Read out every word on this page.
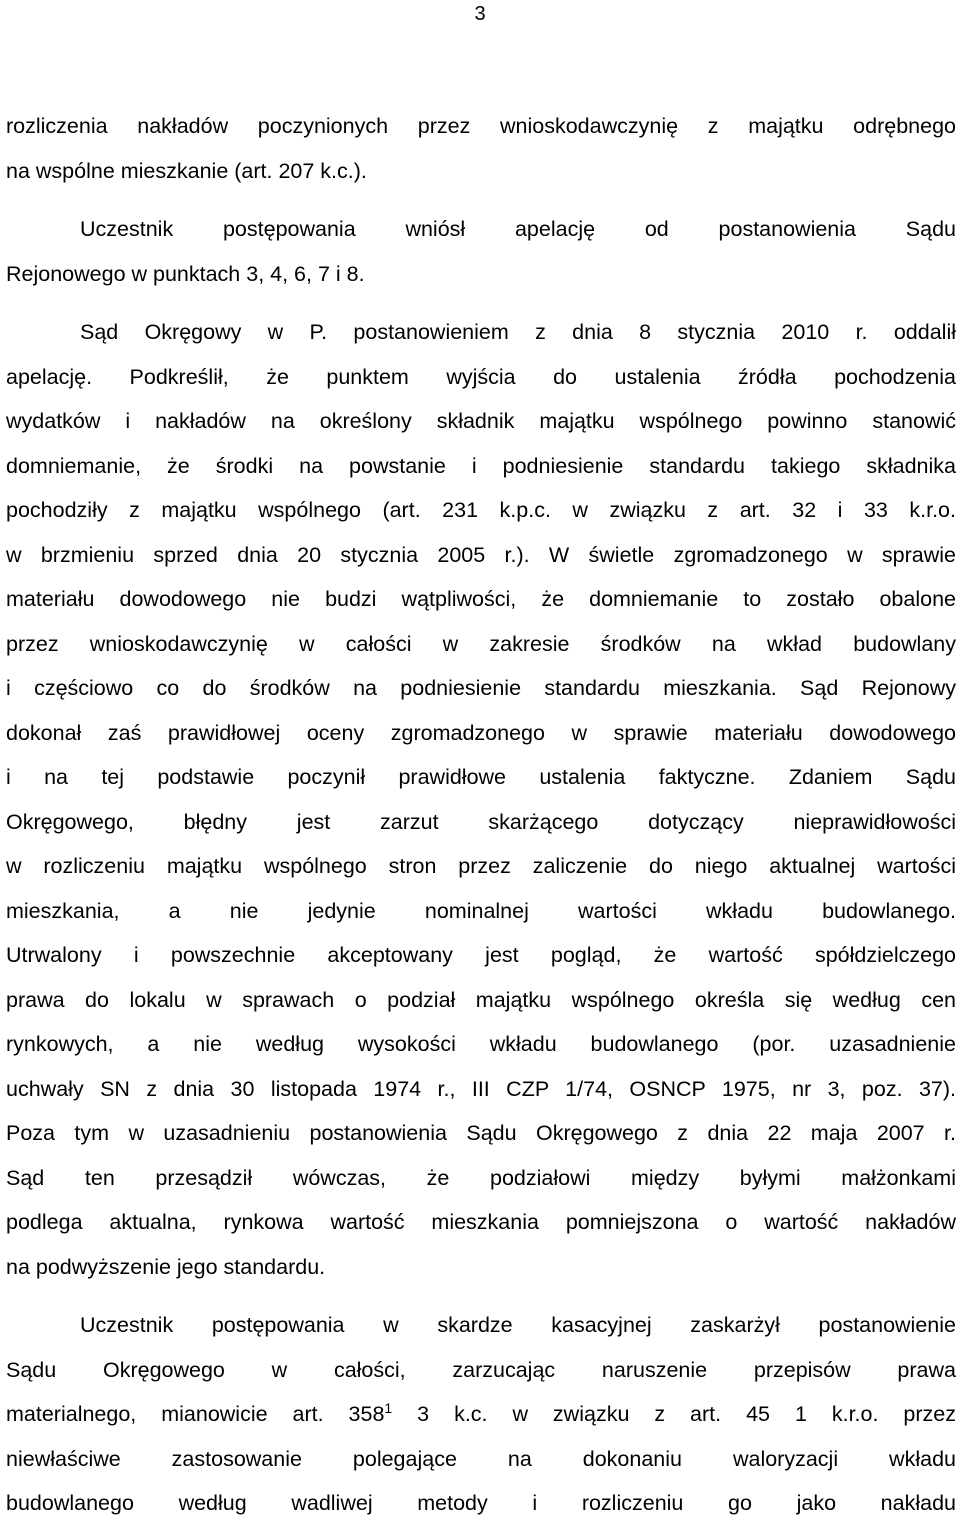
3
rozliczenia nakładów poczynionych przez wnioskodawczynię z majątku odrębnego
na wspólne mieszkanie (art. 207 k.c.).
Uczestnik postępowania wniósł apelację od postanowienia Sądu
Rejonowego w punktach 3, 4, 6, 7 i 8.
Sąd Okręgowy w P. postanowieniem z dnia 8 stycznia 2010 r. oddalił
apelację. Podkreślił, że punktem wyjścia do ustalenia źródła pochodzenia
wydatków i nakładów na określony składnik majątku wspólnego powinno stanowić
domniemanie, że środki na powstanie i podniesienie standardu takiego składnika
pochodziły z majątku wspólnego (art. 231 k.p.c. w związku z art. 32 i 33 k.r.o.
w brzmieniu sprzed dnia 20 stycznia 2005 r.). W świetle zgromadzonego w sprawie
materiału dowodowego nie budzi wątpliwości, że domniemanie to zostało obalone
przez wnioskodawczynię w całości w zakresie środków na wkład budowlany
i częściowo co do środków na podniesienie standardu mieszkania. Sąd Rejonowy
dokonał zaś prawidłowej oceny zgromadzonego w sprawie materiału dowodowego
i na tej podstawie poczynił prawidłowe ustalenia faktyczne. Zdaniem Sądu
Okręgowego, błędny jest zarzut skarżącego dotyczący nieprawidłowości
w rozliczeniu majątku wspólnego stron przez zaliczenie do niego aktualnej wartości
mieszkania, a nie jedynie nominalnej wartości wkładu budowlanego.
Utrwalony i powszechnie akceptowany jest pogląd, że wartość spółdzielczego
prawa do lokalu w sprawach o podział majątku wspólnego określa się według cen
rynkowych, a nie według wysokości wkładu budowlanego (por. uzasadnienie
uchwały SN z dnia 30 listopada 1974 r., III CZP 1/74, OSNCP 1975, nr 3, poz. 37).
Poza tym w uzasadnieniu postanowienia Sądu Okręgowego z dnia 22 maja 2007 r.
Sąd ten przesądził wówczas, że podziałowi między byłymi małżonkami
podlega aktualna, rynkowa wartość mieszkania pomniejszona o wartość nakładów
na podwyższenie jego standardu.
Uczestnik postępowania w skardze kasacyjnej zaskarżył postanowienie
Sądu Okręgowego w całości, zarzucając naruszenie przepisów prawa
materialnego, mianowicie art. $358^1$ 3 k.c. w związku z art. 45 1 k.r.o. przez
niewłaściwe zastosowanie polegające na dokonaniu waloryzacji wkładu
budowlanego według wadliwej metody i rozliczeniu go jako nakładu
